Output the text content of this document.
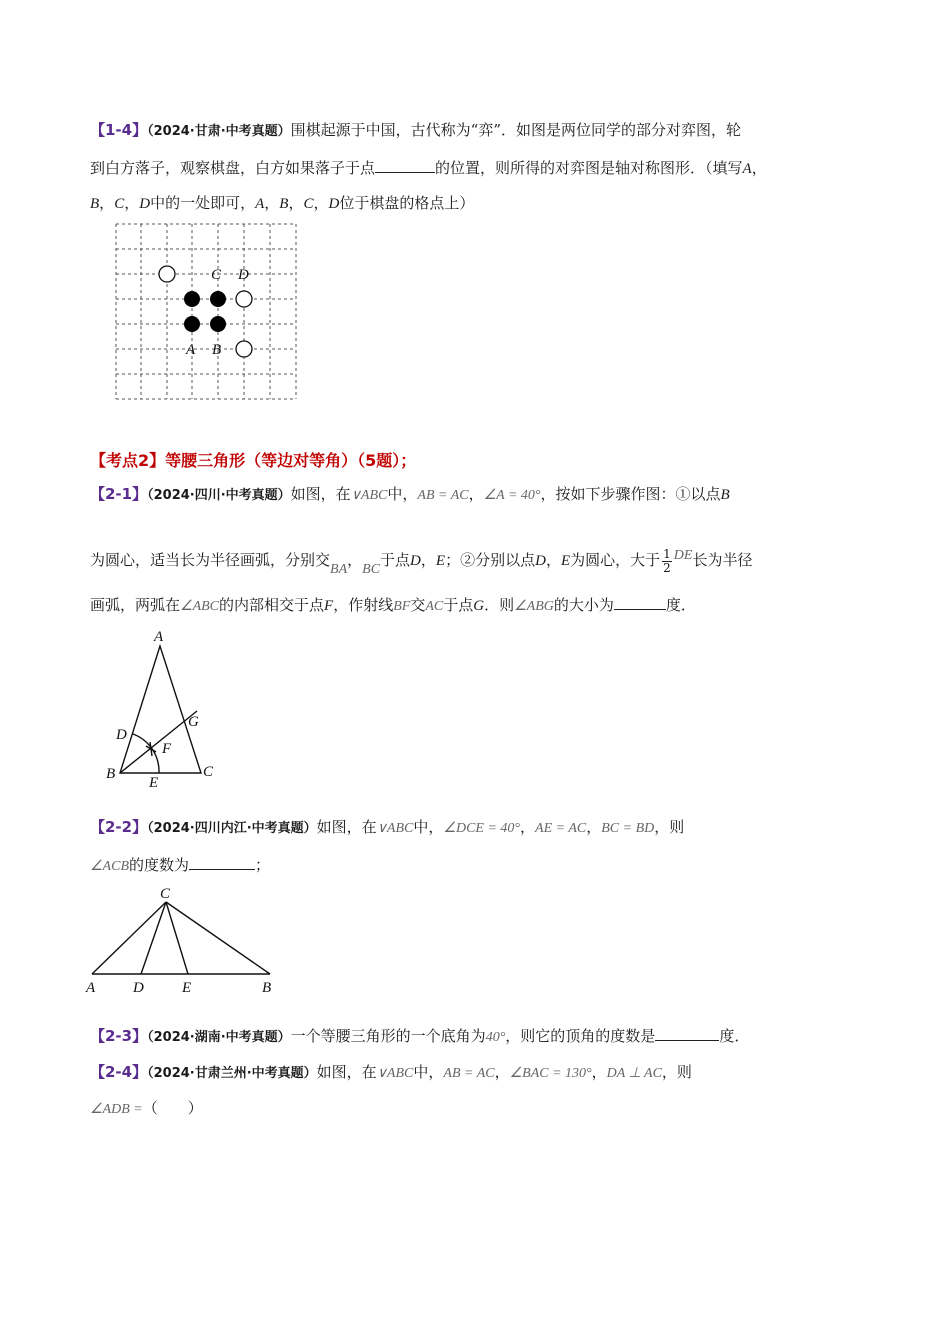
【1-4】（2024·甘肃·中考真题）围棋起源于中国，古代称为“弈”．如图是两位同学的部分对弈图，轮
到白方落子，观察棋盘，白方如果落子于点	的位置，则所得的对弈图是轴对称图形．（填写A，
B，C，D中的一处即可，A，B，C，D位于棋盘的格点上）
C D
A B
【考点2】等腰三角形（等边对等角）（5题）；
【2-1】（2024·四川·中考真题）如图，在∨ABC中，AB = AC，∠A = 40°，按如下步骤作图：①以点B
为圆心，适当长为半径画弧，分别交BA，BC于点D，E；②分别以点D，E为圆心，大于 $\frac{1}{2}$ DE长为半径
画弧，两弧在∠ABC的内部相交于点F，作射线BF交AC于点G．则∠ABG的大小为	度．
A
D
G
F
B
E
C
【2-2】（2024·四川内江·中考真题）如图，在∨ABC中，∠DCE = 40°，AE = AC，BC = BD，则
∠ACB的度数为	；
C
A	D	E	B
【2-3】（2024·湖南·中考真题）一个等腰三角形的一个底角为40°，则它的顶角的度数是	度．
【2-4】（2024·甘肃兰州·中考真题）如图，在∨ABC中，AB = AC，∠BAC = 130°，DA ⊥ AC，则
∠ADB =（　　）
